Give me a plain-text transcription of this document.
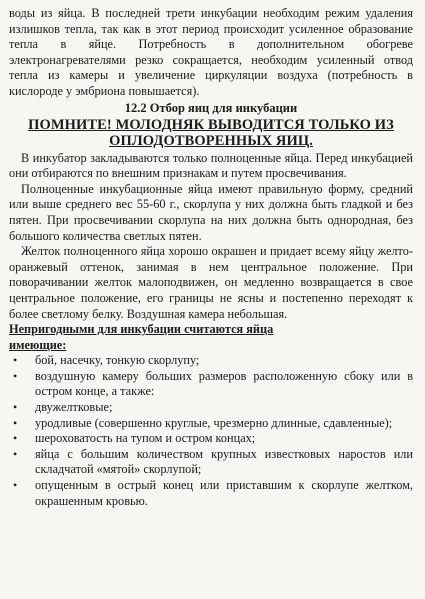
воды из яйца. В последней трети инкубации необходим режим удаления излишков тепла, так как в этот период происходит усиленное образование тепла в яйце. Потребность в дополнительном обогреве электронагревателями резко сокращается, необходим усиленный отвод тепла из камеры и увеличение циркуляции воздуха (потребность в кислороде у эмбриона повышается).

12.2 Отбор яиц для инкубации
ПОМНИТЕ! МОЛОДНЯК ВЫВОДИТСЯ ТОЛЬКО ИЗ ОПЛОДОТВОРЕННЫХ ЯИЦ.

В инкубатор закладываются только полноценные яйца. Перед инкубацией они отбираются по внешним признакам и путем просвечивания.

Полноценные инкубационные яйца имеют правильную форму, средний или выше среднего вес 55-60 г., скорлупа у них должна быть гладкой и без пятен. При просвечивании скорлупа на них должна быть однородная, без большого количества светлых пятен.

Желток полноценного яйца хорошо окрашен и придает всему яйцу желто-оранжевый оттенок, занимая в нем центральное положение. При поворачивании желток малоподвижен, он медленно возвращается в свое центральное положение, его границы не ясны и постепенно переходят к более светлому белку. Воздушная камера небольшая.

Непригодными для инкубации считаются яйца
имеющие:
• бой, насечку, тонкую скорлупу;
• воздушную камеру больших размеров расположенную сбоку или в остром конце, а также:
• двужелтковые;
• уродливые (совершенно круглые, чрезмерно длинные, сдавленные);
• шероховатость на тупом и остром концах;
• яйца с большим количеством крупных известковых наростов или складчатой «мятой» скорлупой;
• опущенным в острый конец или приставшим к скорлупе желтком, окрашенным кровью.
